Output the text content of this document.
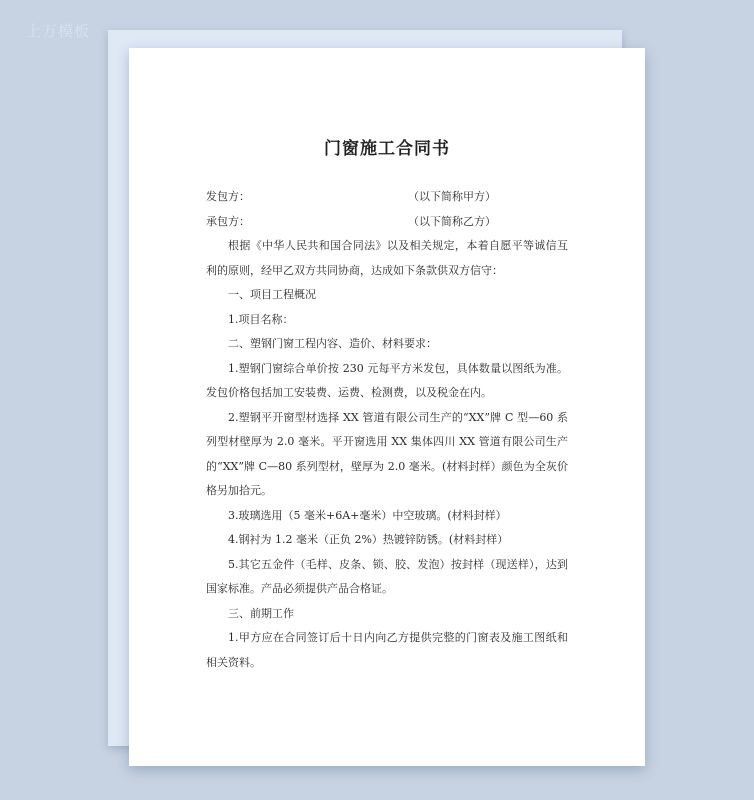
上万模板
门窗施工合同书
发包方：	（以下简称甲方）
承包方：	（以下简称乙方）

根据《中华人民共和国合同法》以及相关规定，本着自愿平等诚信互利的原则，经甲乙双方共同协商，达成如下条款供双方信守：

一、项目工程概况

1.项目名称：

二、塑钢门窗工程内容、造价、材料要求：

1.塑钢门窗综合单价按 230 元每平方米发包，具体数量以图纸为准。发包价格包括加工安装费、运费、检测费，以及税金在内。

2.塑钢平开窗型材选择 XX 管道有限公司生产的“XX”牌 C 型—60 系列型材壁厚为 2.0 毫米。平开窗选用 XX 集体四川 XX 管道有限公司生产的“XX”牌 C—80 系列型材，壁厚为 2.0 毫米。(材料封样）颜色为全灰价格另加拾元。

3.玻璃选用（5 毫米+6A+毫米）中空玻璃。(材料封样）

4.钢衬为 1.2 毫米（正负 2%）热镀锌防锈。(材料封样）

5.其它五金件（毛样、皮条、锁、胶、发泡）按封样（现送样），达到国家标准。产品必须提供产品合格证。

三、前期工作

1.甲方应在合同签订后十日内向乙方提供完整的门窗表及施工图纸和相关资料。
